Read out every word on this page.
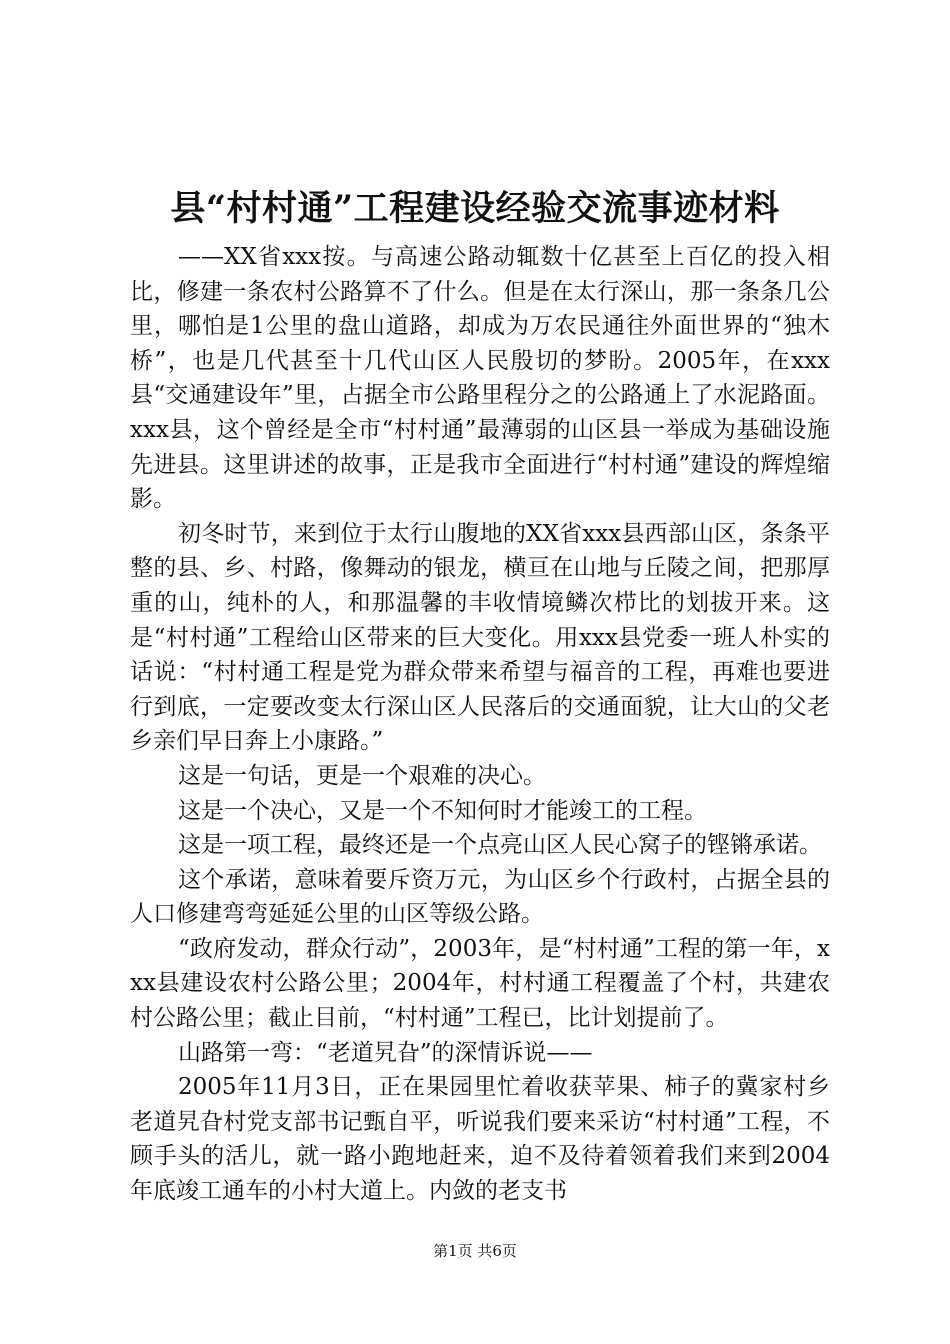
县“村村通”工程建设经验交流事迹材料

——XX省xxx按。与高速公路动辄数十亿甚至上百亿的投入相比，修建一条农村公路算不了什么。但是在太行深山，那一条条几公里，哪怕是1公里的盘山道路，却成为万农民通往外面世界的“独木桥”，也是几代甚至十几代山区人民殷切的梦盼。2005年，在xxx县“交通建设年”里，占据全市公路里程分之的公路通上了水泥路面。xxx县，这个曾经是全市“村村通”最薄弱的山区县一举成为基础设施先进县。这里讲述的故事，正是我市全面进行“村村通”建设的辉煌缩影。

初冬时节，来到位于太行山腹地的XX省xxx县西部山区，条条平整的县、乡、村路，像舞动的银龙，横亘在山地与丘陵之间，把那厚重的山，纯朴的人，和那温馨的丰收情境鳞次栉比的划拔开来。这是“村村通”工程给山区带来的巨大变化。用xxx县党委一班人朴实的话说：“村村通工程是党为群众带来希望与福音的工程，再难也要进行到底，一定要改变太行深山区人民落后的交通面貌，让大山的父老乡亲们早日奔上小康路。”

这是一句话，更是一个艰难的决心。

这是一个决心，又是一个不知何时才能竣工的工程。

这是一项工程，最终还是一个点亮山区人民心窝子的铿锵承诺。

这个承诺，意味着要斥资万元，为山区乡个行政村，占据全县的人口修建弯弯延延公里的山区等级公路。

“政府发动，群众行动”，2003年，是“村村通”工程的第一年，xxx县建设农村公路公里；2004年，村村通工程覆盖了个村，共建农村公路公里；截止目前，“村村通”工程已，比计划提前了。

山路第一弯：“老道旯旮”的深情诉说——

2005年11月3日，正在果园里忙着收获苹果、柿子的冀家村乡老道旯旮村党支部书记甄自平，听说我们要来采访“村村通”工程，不顾手头的活儿，就一路小跑地赶来，迫不及待着领着我们来到2004年底竣工通车的小村大道上。内敛的老支书

第1页 共6页
